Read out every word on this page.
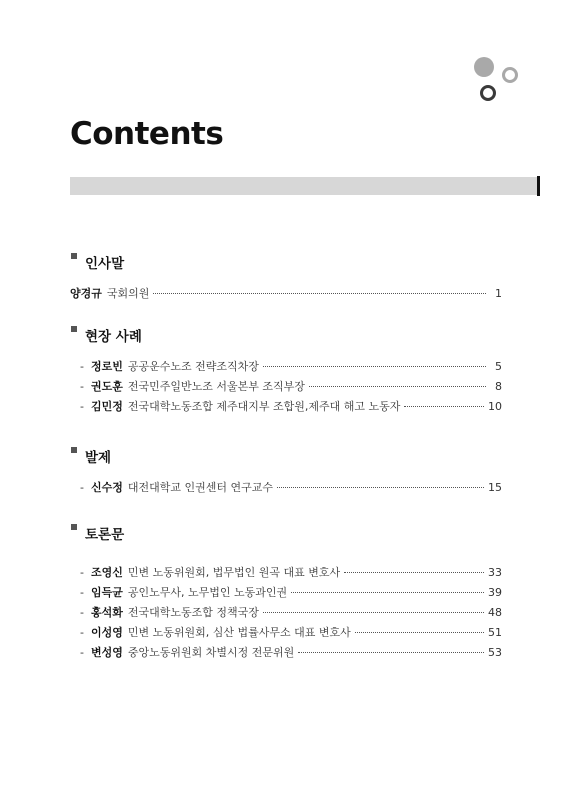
Contents
인사말
양경규 국회의원	1
현장 사례
- 정로빈 공공운수노조 전략조직차장	5
- 권도훈 전국민주일반노조 서울본부 조직부장	8
- 김민정 전국대학노동조합 제주대지부 조합원,제주대 해고 노동자	10
발제
- 신수정 대전대학교 인권센터 연구교수	15
토론문
- 조영신 민변 노동위원회, 법무법인 원곡 대표 변호사	33
- 임득균 공인노무사, 노무법인 노동과인권	39
- 홍석화 전국대학노동조합 정책국장	48
- 이성영 민변 노동위원회, 심산 법률사무소 대표 변호사	51
- 변성영 중앙노동위원회 차별시정 전문위원	53
